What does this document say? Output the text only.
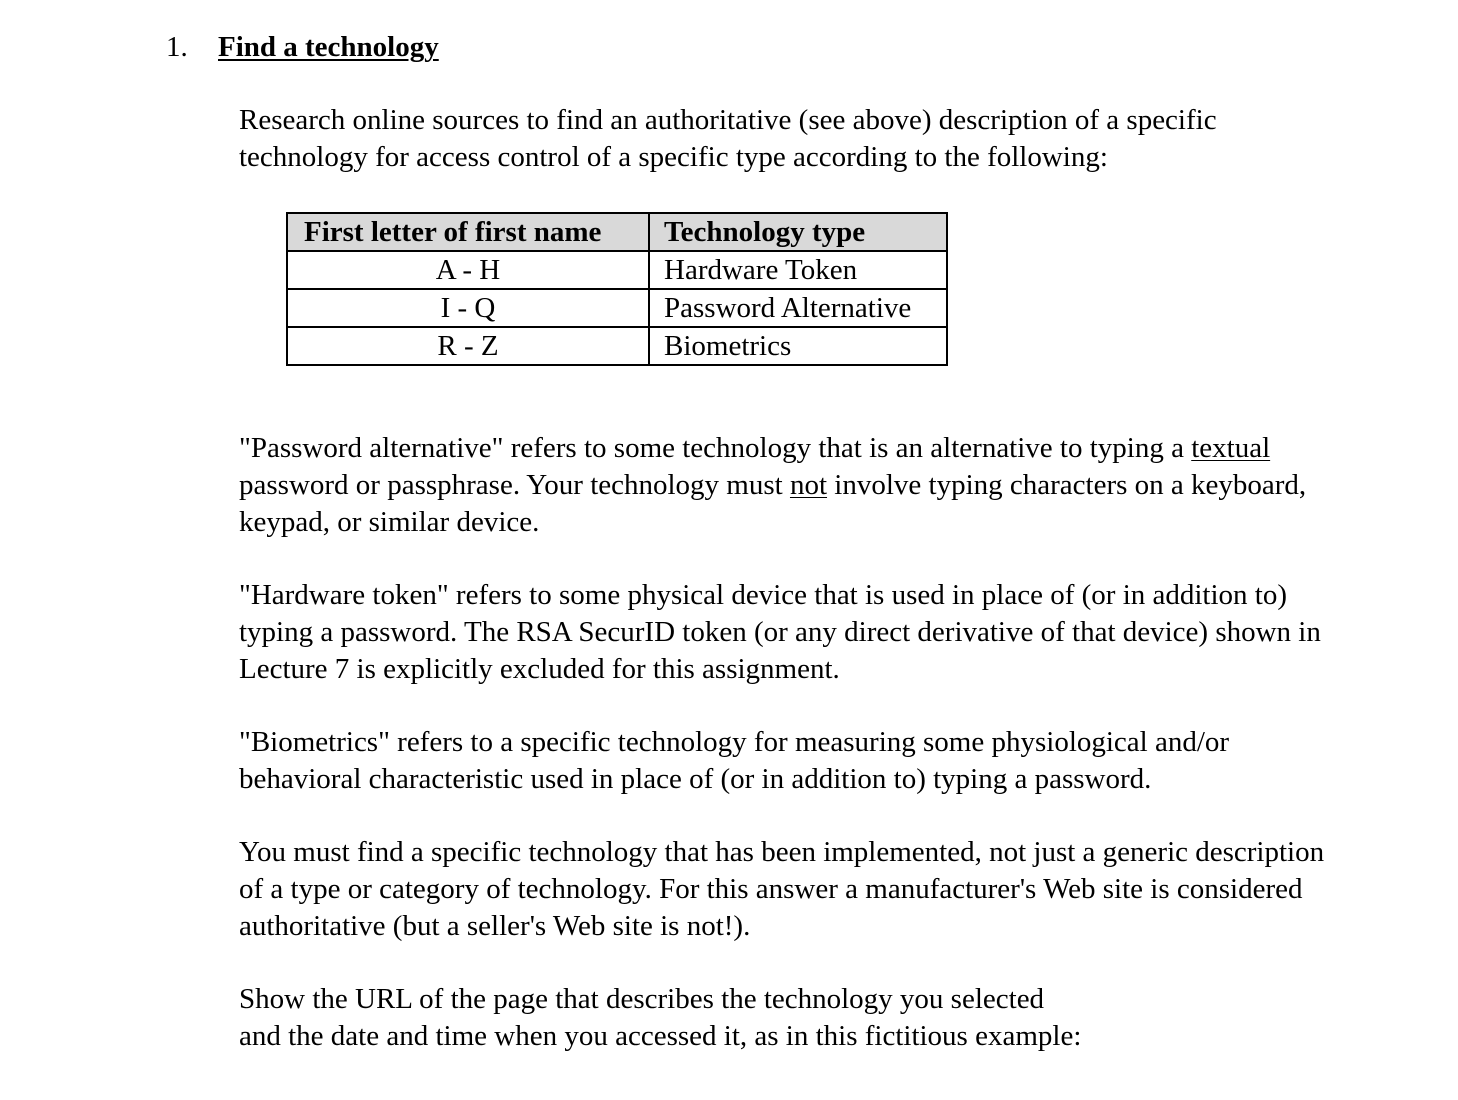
1. Find a technology
Research online sources to find an authoritative (see above) description of a specific
technology for access control of a specific type according to the following:
First letter of first name	Technology type
A - H	Hardware Token
I - Q	Password Alternative
R - Z	Biometrics
"Password alternative" refers to some technology that is an alternative to typing a textual
password or passphrase. Your technology must not involve typing characters on a keyboard,
keypad, or similar device.
"Hardware token" refers to some physical device that is used in place of (or in addition to)
typing a password. The RSA SecurID token (or any direct derivative of that device) shown in
Lecture 7 is explicitly excluded for this assignment.
"Biometrics" refers to a specific technology for measuring some physiological and/or
behavioral characteristic used in place of (or in addition to) typing a password.
You must find a specific technology that has been implemented, not just a generic description
of a type or category of technology. For this answer a manufacturer's Web site is considered
authoritative (but a seller's Web site is not!).
Show the URL of the page that describes the technology you selected
and the date and time when you accessed it, as in this fictitious example:
